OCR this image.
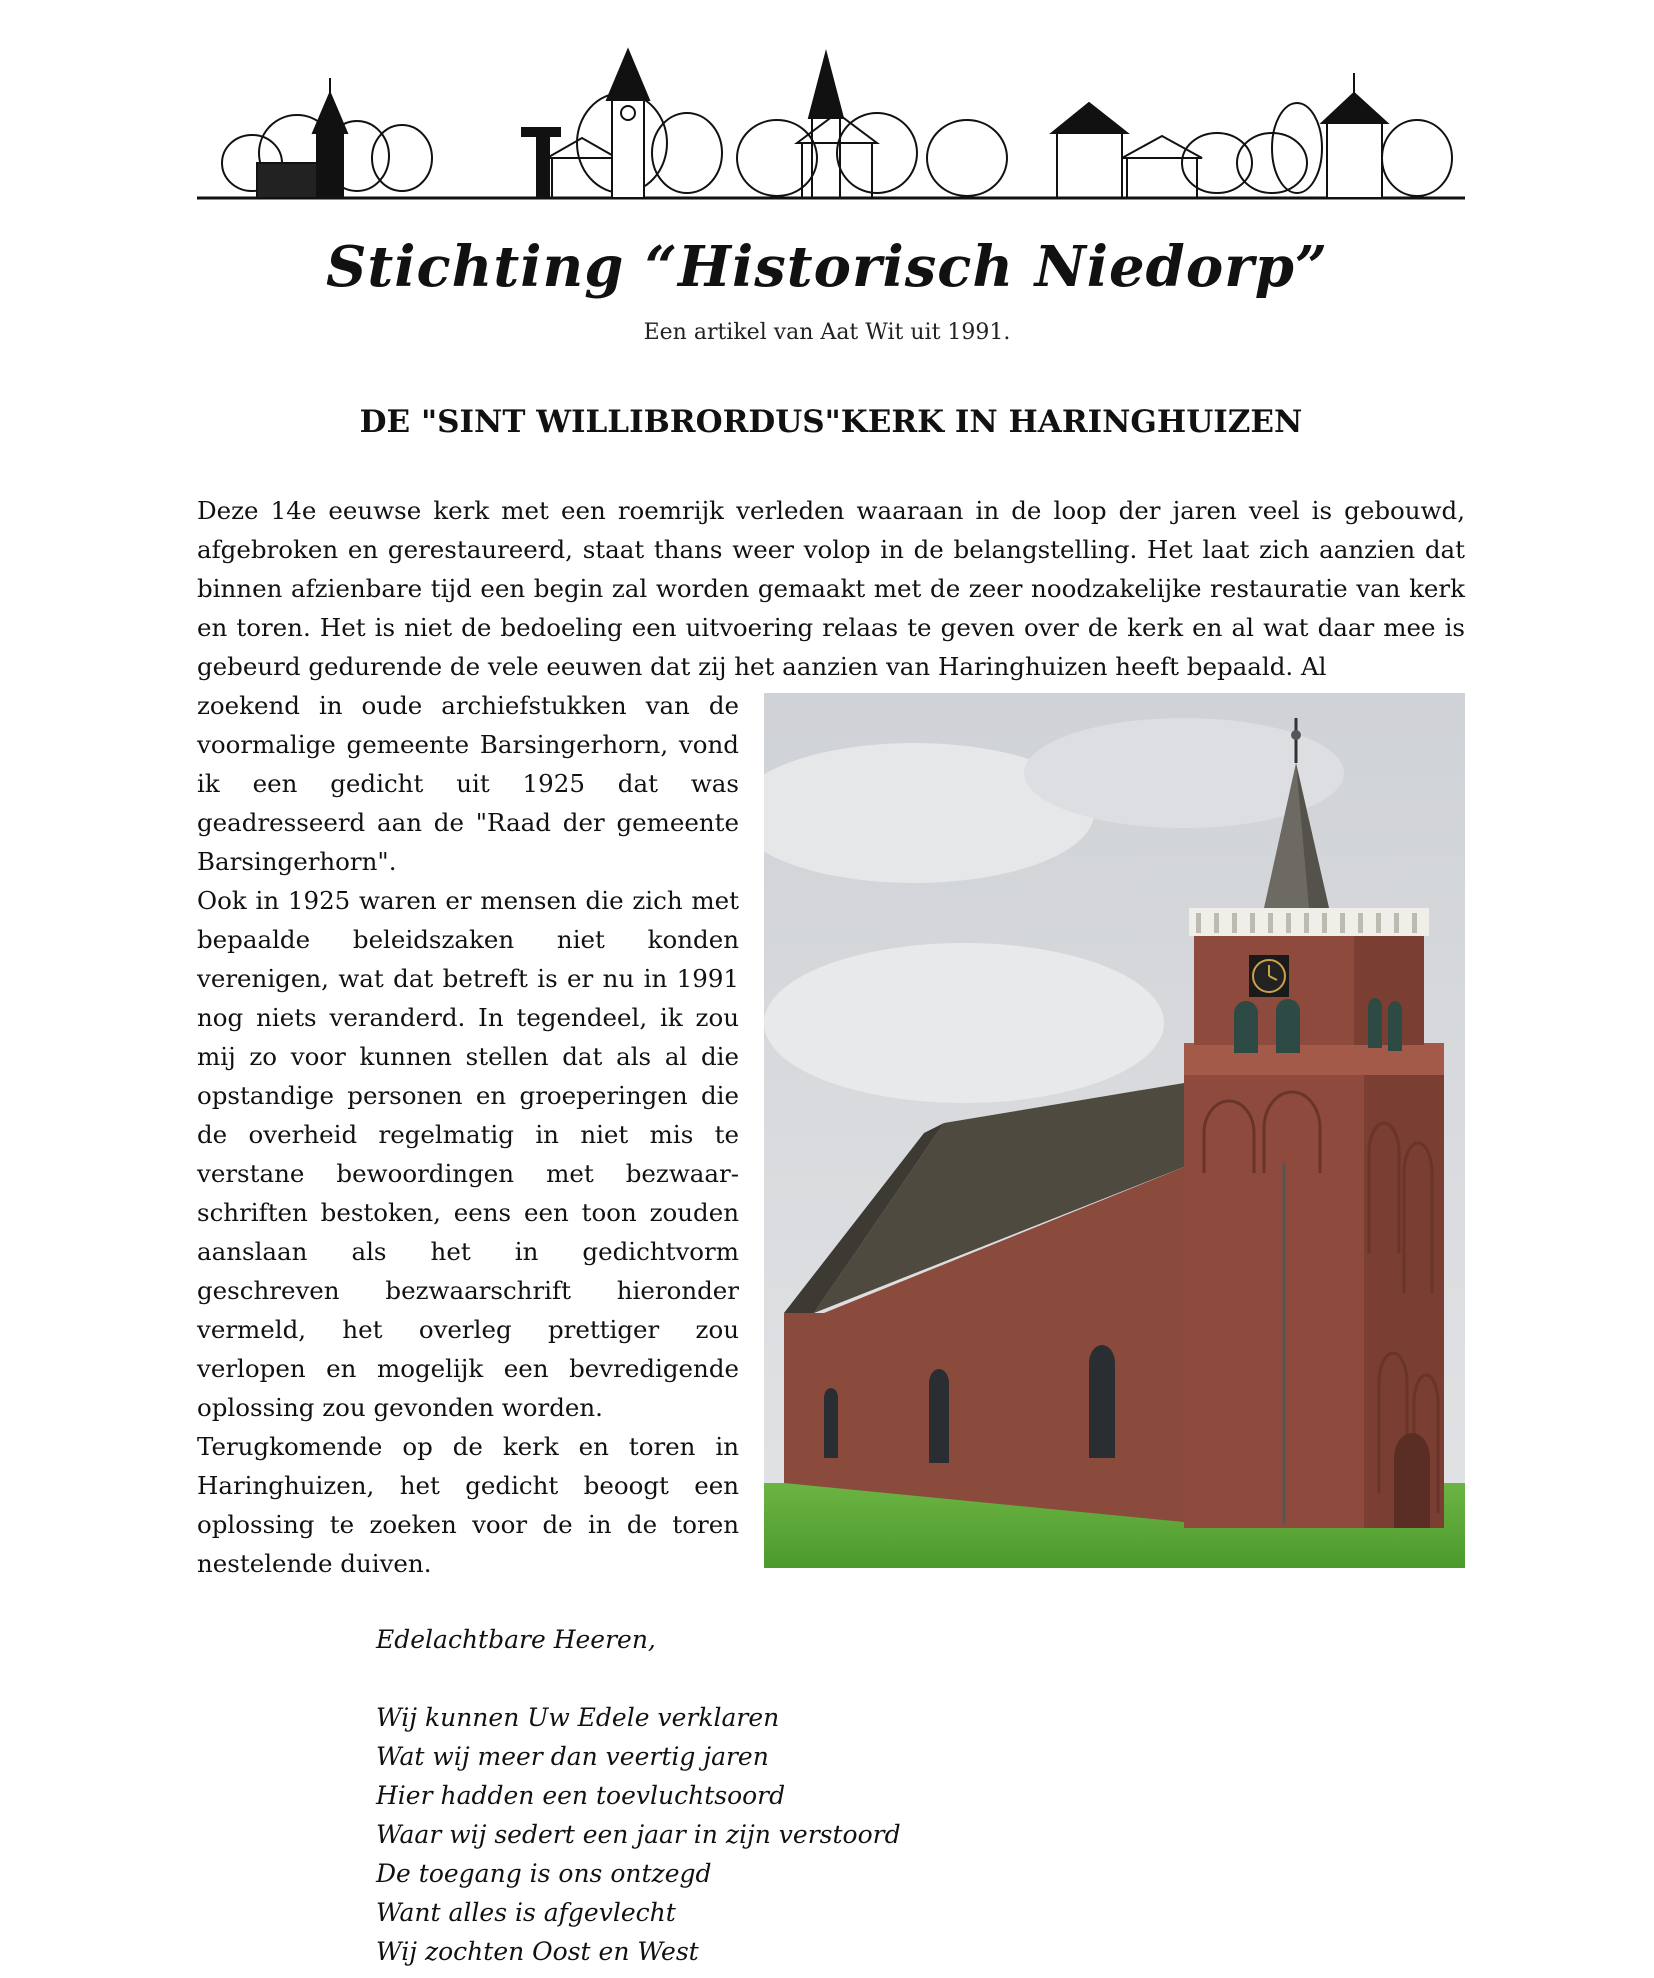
Stichting “Historisch Niedorp”
Een artikel van Aat Wit uit 1991.
DE "SINT WILLIBRORDUS"KERK IN HARINGHUIZEN

Deze 14e eeuwse kerk met een roemrijk verleden waaraan in de loop der jaren veel is gebouwd, afgebroken en gerestaureerd, staat thans weer volop in de belangstelling. Het laat zich aanzien dat binnen afzienbare tijd een begin zal worden gemaakt met de zeer noodzakelijke restauratie van kerk en toren. Het is niet de bedoeling een uitvoering relaas te geven over de kerk en al wat daar mee is gebeurd gedurende de vele eeuwen dat zij het aanzien van Haringhuizen heeft bepaald. Al

zoekend in oude archiefstukken van de voormalige gemeente Barsingerhorn, vond ik een gedicht uit 1925 dat was geadresseerd aan de "Raad der gemeente Barsingerhorn".

Ook in 1925 waren er mensen die zich met bepaalde beleidszaken niet konden verenigen, wat dat betreft is er nu in 1991 nog niets veranderd. In tegendeel, ik zou mij zo voor kunnen stellen dat als al die opstandige personen en groeperingen die de overheid regelmatig in niet mis te verstane bewoordingen met bezwaar-schriften bestoken, eens een toon zouden aanslaan als het in gedichtvorm geschreven bezwaarschrift hieronder vermeld, het overleg prettiger zou verlopen en mogelijk een bevredigende oplossing zou gevonden worden.

Terugkomende op de kerk en toren in Haringhuizen, het gedicht beoogt een oplossing te zoeken voor de in de toren nestelende duiven.

Edelachtbare Heeren,
Wij kunnen Uw Edele verklaren
Wat wij meer dan veertig jaren
Hier hadden een toevluchtsoord
Waar wij sedert een jaar in zijn verstoord
De toegang is ons ontzegd
Want alles is afgevlecht
Wij zochten Oost en West
